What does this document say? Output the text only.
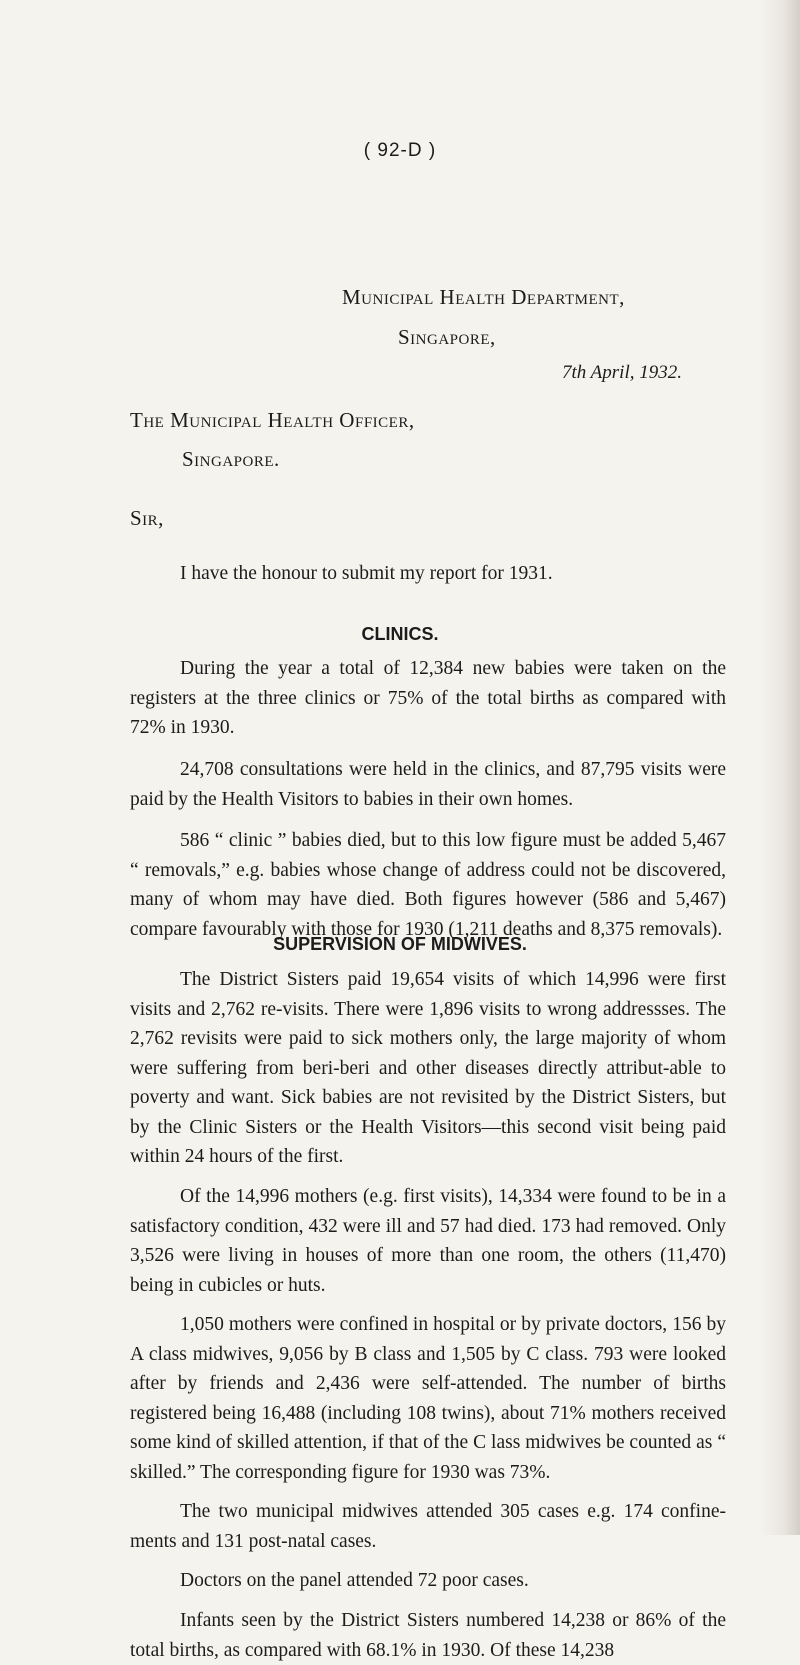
( 92-D )
Municipal Health Department,
Singapore,
7th April, 1932.
The Municipal Health Officer,
Singapore.
Sir,
I have the honour to submit my report for 1931.
CLINICS.

During the year a total of 12,384 new babies were taken on the registers at the three clinics or 75% of the total births as compared with 72% in 1930.

24,708 consultations were held in the clinics, and 87,795 visits were paid by the Health Visitors to babies in their own homes.

586 “ clinic ” babies died, but to this low figure must be added 5,467 “ removals,” e.g. babies whose change of address could not be discovered, many of whom may have died. Both figures however (586 and 5,467) compare favourably with those for 1930 (1,211 deaths and 8,375 removals).

SUPERVISION OF MIDWIVES.

The District Sisters paid 19,654 visits of which 14,996 were first visits and 2,762 re-visits. There were 1,896 visits to wrong addressses. The 2,762 revisits were paid to sick mothers only, the large majority of whom were suffering from beri-beri and other diseases directly attribut-able to poverty and want. Sick babies are not revisited by the District Sisters, but by the Clinic Sisters or the Health Visitors—this second visit being paid within 24 hours of the first.

Of the 14,996 mothers (e.g. first visits), 14,334 were found to be in a satisfactory condition, 432 were ill and 57 had died. 173 had removed. Only 3,526 were living in houses of more than one room, the others (11,470) being in cubicles or huts.

1,050 mothers were confined in hospital or by private doctors, 156 by A class midwives, 9,056 by B class and 1,505 by C class. 793 were looked after by friends and 2,436 were self-attended. The number of births registered being 16,488 (including 108 twins), about 71% mothers received some kind of skilled attention, if that of the C lass midwives be counted as “ skilled.” The corresponding figure for 1930 was 73%.

The two municipal midwives attended 305 cases e.g. 174 confine-ments and 131 post-natal cases.

Doctors on the panel attended 72 poor cases.

Infants seen by the District Sisters numbered 14,238 or 86% of the total births, as compared with 68.1% in 1930. Of these 14,238
